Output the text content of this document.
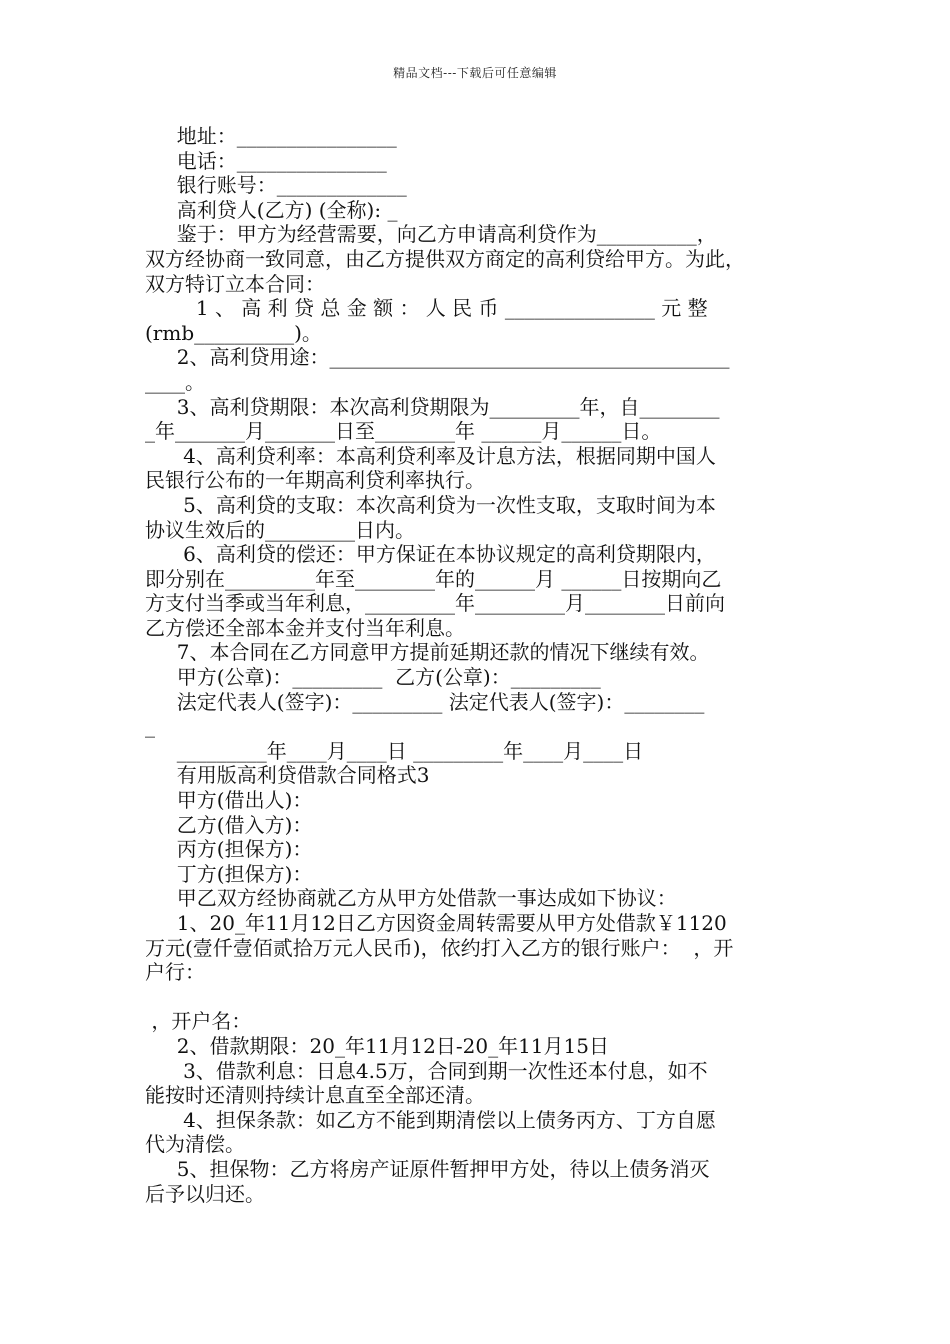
精品文档---下载后可任意编辑
地址：________________
电话：_______________
银行账号：_____________
高利贷人(乙方) (全称): _
鉴于：甲方为经营需要，向乙方申请高利贷作为__________，
双方经协商一致同意，由乙方提供双方商定的高利贷给甲方。为此，
双方特订立本合同：
1 、 高 利 贷 总 金 额 ： 人 民 币 _______________ 元 整
(rmb__________)。
2、高利贷用途：________________________________________
____。
3、高利贷期限：本次高利贷期限为_________年，自________
_年_______月_______日至________年 ______月______日。
4、高利贷利率：本高利贷利率及计息方法，根据同期中国人
民银行公布的一年期高利贷利率执行。
5、高利贷的支取：本次高利贷为一次性支取，支取时间为本
协议生效后的_________日内。
6、高利贷的偿还：甲方保证在本协议规定的高利贷期限内，
即分别在_________年至________年的______月 ______日按期向乙
方支付当季或当年利息，_________年_________月________日前向
乙方偿还全部本金并支付当年利息。
7、本合同在乙方同意甲方提前延期还款的情况下继续有效。
甲方(公章)：_________  乙方(公章)：_________
法定代表人(签字)：_________ 法定代表人(签字)：________
_
_________年____月____日 _________年____月____日
有用版高利贷借款合同格式3
甲方(借出人)：
乙方(借入方)：
丙方(担保方)：
丁方(担保方)：
甲乙双方经协商就乙方从甲方处借款一事达成如下协议：
1、20_年11月12日乙方因资金周转需要从甲方处借款￥1120
万元(壹仟壹佰贰拾万元人民币)，依约打入乙方的银行账户：  ，开
户行：
，开户名：
2、借款期限：20_年11月12日-20_年11月15日
3、借款利息：日息4.5万，合同到期一次性还本付息，如不
能按时还清则持续计息直至全部还清。
4、担保条款：如乙方不能到期清偿以上债务丙方、丁方自愿
代为清偿。
5、担保物：乙方将房产证原件暂押甲方处，待以上债务消灭
后予以归还。
